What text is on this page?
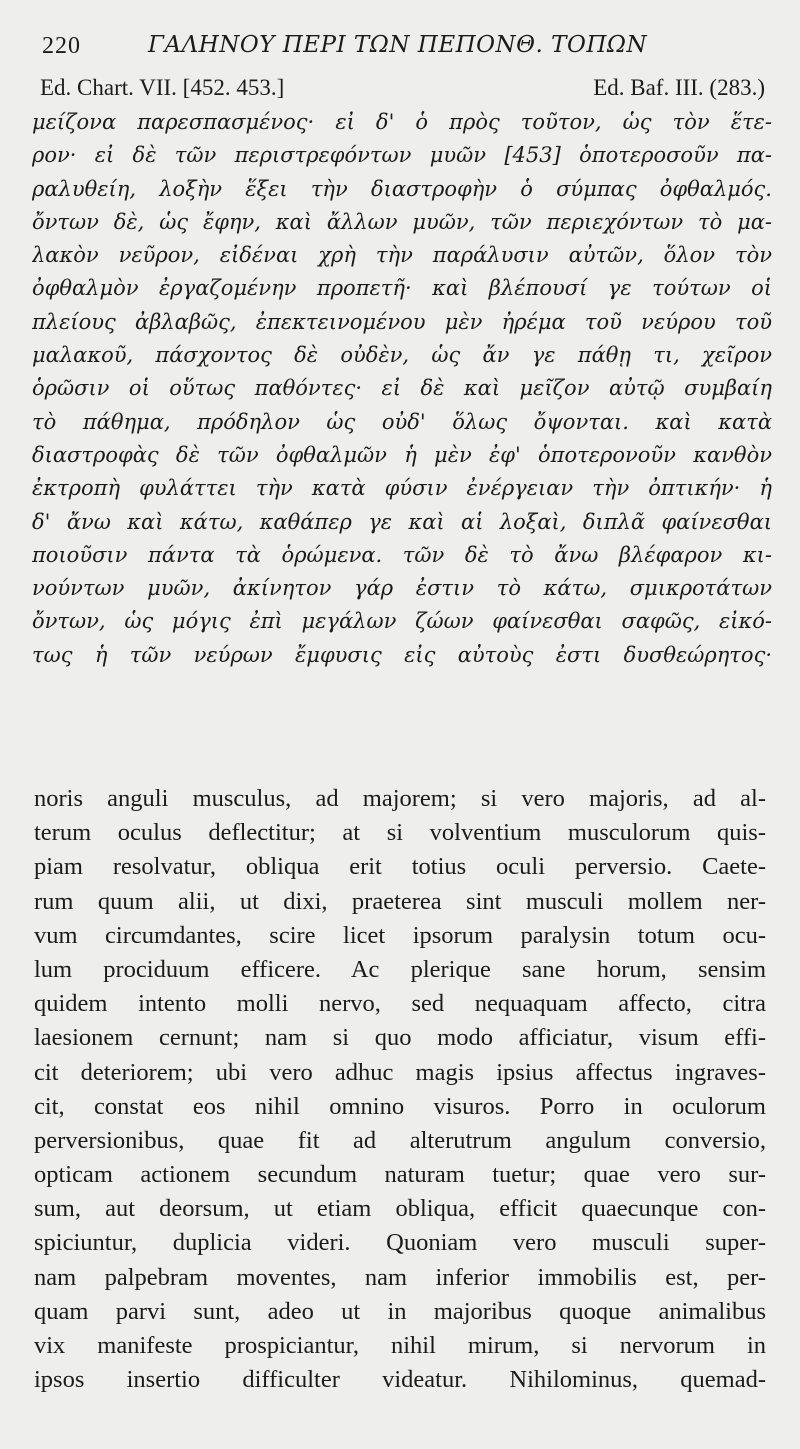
220	ΓΑΛΗΝΟΥ ΠΕΡΙ ΤΩΝ ΠΕΠΟΝΘ. ΤΟΠΩΝ
Ed. Chart. VII. [452. 453.]	Ed. Baf. III. (283.)
μείζονα παρεσπασμένος· εἰ δ' ὁ πρὸς τοῦτον, ὡς τὸν ἕτε-
ρον· εἰ δὲ τῶν περιστρεφόντων μυῶν [453] ὁποτεροσοῦν πα-
ραλυθείη, λοξὴν ἕξει τὴν διαστροφὴν ὁ σύμπας ὀφθαλμός.
ὄντων δὲ, ὡς ἔφην, καὶ ἄλλων μυῶν, τῶν περιεχόντων τὸ μα-
λακὸν νεῦρον, εἰδέναι χρὴ τὴν παράλυσιν αὐτῶν, ὅλον τὸν
ὀφθαλμὸν ἐργαζομένην προπετῆ· καὶ βλέπουσί γε τούτων οἱ
πλείους ἀβλαβῶς, ἐπεκτεινομένου μὲν ἠρέμα τοῦ νεύρου τοῦ
μαλακοῦ, πάσχοντος δὲ οὐδὲν, ὡς ἄν γε πάθῃ τι, χεῖρον
ὁρῶσιν οἱ οὕτως παθόντες· εἰ δὲ καὶ μεῖζον αὐτῷ συμβαίη
τὸ πάθημα, πρόδηλον ὡς οὐδ' ὅλως ὄψονται. καὶ κατὰ
διαστροφὰς δὲ τῶν ὀφθαλμῶν ἡ μὲν ἐφ' ὁποτερονοῦν κανθὸν
ἐκτροπὴ φυλάττει τὴν κατὰ φύσιν ἐνέργειαν τὴν ὀπτικήν· ἡ
δ' ἄνω καὶ κάτω, καθάπερ γε καὶ αἱ λοξαὶ, διπλᾶ φαίνεσθαι
ποιοῦσιν πάντα τὰ ὁρώμενα. τῶν δὲ τὸ ἄνω βλέφαρον κι-
νούντων μυῶν, ἀκίνητον γάρ ἐστιν τὸ κάτω, σμικροτάτων
ὄντων, ὡς μόγις ἐπὶ μεγάλων ζώων φαίνεσθαι σαφῶς, εἰκό-
τως ἡ τῶν νεύρων ἔμφυσις εἰς αὐτοὺς ἐστι δυσθεώρητος·
noris anguli musculus, ad majorem; si vero majoris, ad al-
terum oculus deflectitur; at si volventium musculorum quis-
piam resolvatur, obliqua erit totius oculi perversio. Caete-
rum quum alii, ut dixi, praeterea sint musculi mollem ner-
vum circumdantes, scire licet ipsorum paralysin totum ocu-
lum prociduum efficere. Ac plerique sane horum, sensim
quidem intento molli nervo, sed nequaquam affecto, citra
laesionem cernunt; nam si quo modo afficiatur, visum effi-
cit deteriorem; ubi vero adhuc magis ipsius affectus ingraves-
cit, constat eos nihil omnino visuros. Porro in oculorum
perversionibus, quae fit ad alterutrum angulum conversio,
opticam actionem secundum naturam tuetur; quae vero sur-
sum, aut deorsum, ut etiam obliqua, efficit quaecunque con-
spiciuntur, duplicia videri. Quoniam vero musculi super-
nam palpebram moventes, nam inferior immobilis est, per-
quam parvi sunt, adeo ut in majoribus quoque animalibus
vix manifeste prospiciantur, nihil mirum, si nervorum in
ipsos insertio difficulter videatur. Nihilominus, quemad-
